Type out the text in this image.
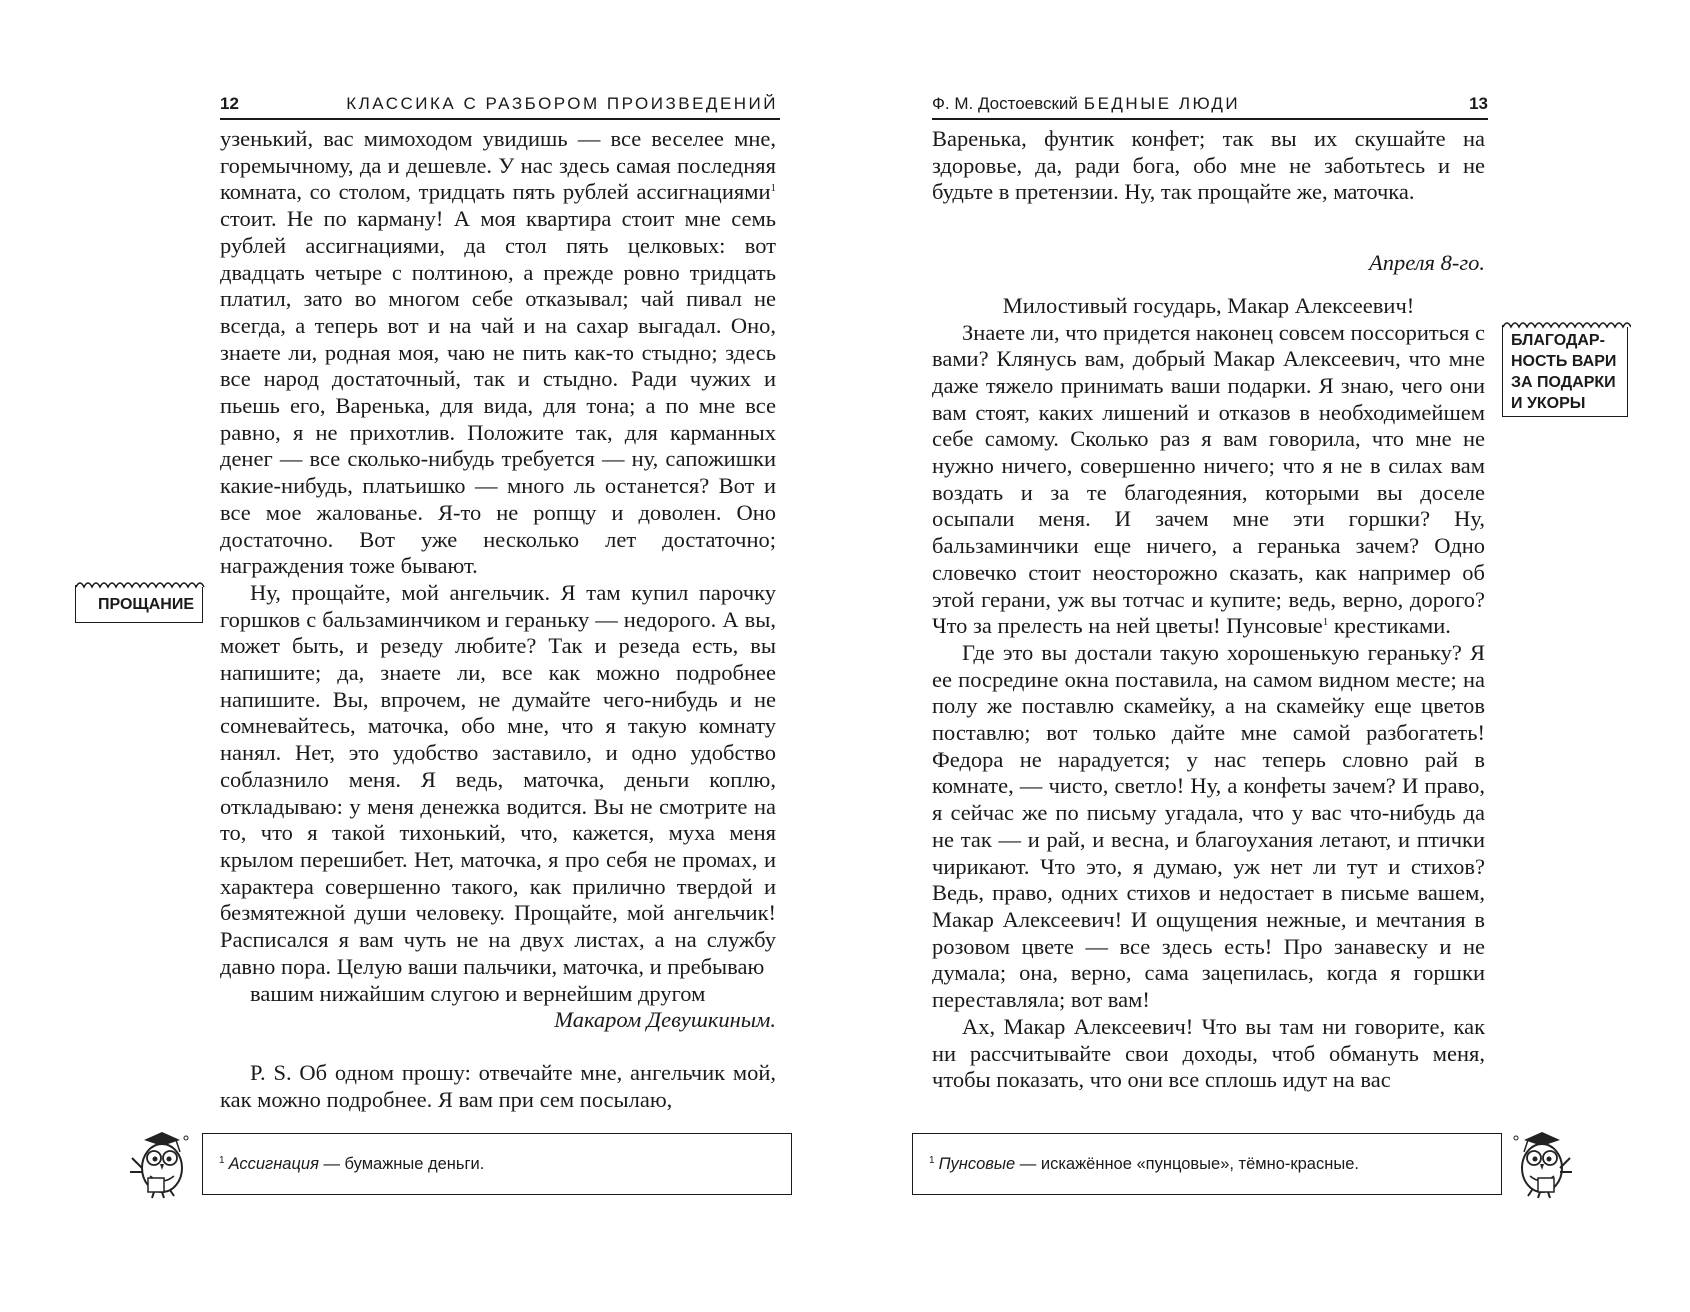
12	КЛАССИКА С РАЗБОРОМ ПРОИЗВЕДЕНИЙ	Ф. М. Достоевский БЕДНЫЕ ЛЮДИ	13

узенький, вас мимоходом увидишь — все веселее мне, горемычному, да и дешевле. У нас здесь самая последняя комната, со столом, тридцать пять рублей ассигнациями$^1$ стоит. Не по карману! А моя квартира стоит мне семь рублей ассигнациями, да стол пять целковых: вот двадцать четыре с полтиною, а прежде ровно тридцать платил, зато во многом себе отказывал; чай пивал не всегда, а теперь вот и на чай и на сахар выгадал. Оно, знаете ли, родная моя, чаю не пить как-то стыдно; здесь все народ достаточный, так и стыдно. Ради чужих и пьешь его, Варенька, для вида, для тона; а по мне все равно, я не прихотлив. Положите так, для карманных денег — все сколько-нибудь требуется — ну, сапожишки какие-нибудь, платьишко — много ль останется? Вот и все мое жалованье. Я-то не ропщу и доволен. Оно достаточно. Вот уже несколько лет достаточно; награждения тоже бывают.

Ну, прощайте, мой ангельчик. Я там купил парочку горшков с бальзаминчиком и гераньку — недорого. А вы, может быть, и резеду любите? Так и резеда есть, вы напишите; да, знаете ли, все как можно подробнее напишите. Вы, впрочем, не думайте чего-нибудь и не сомневайтесь, маточка, обо мне, что я такую комнату нанял. Нет, это удобство заставило, и одно удобство соблазнило меня. Я ведь, маточка, деньги коплю, откладываю: у меня денежка водится. Вы не смотрите на то, что я такой тихонький, что, кажется, муха меня крылом перешибет. Нет, маточка, я про себя не промах, и характера совершенно такого, как прилично твердой и безмятежной души человеку. Прощайте, мой ангельчик! Расписался я вам чуть не на двух листах, а на службу давно пора. Целую ваши пальчики, маточка, и пребываю

вашим нижайшим слугою и вернейшим другом

Макаром Девушкиным.

P. S. Об одном прошу: отвечайте мне, ангельчик мой, как можно подробнее. Я вам при сем посылаю,

ПРОЩАНИЕ
$^1$ Ассигнация — бумажные деньги.

Варенька, фунтик конфет; так вы их скушайте на здоровье, да, ради бога, обо мне не заботьтесь и не будьте в претензии. Ну, так прощайте же, маточка.

Апреля 8-го.

Милостивый государь, Макар Алексеевич!

Знаете ли, что придется наконец совсем поссориться с вами? Клянусь вам, добрый Макар Алексеевич, что мне даже тяжело принимать ваши подарки. Я знаю, чего они вам стоят, каких лишений и отказов в необходимейшем себе самому. Сколько раз я вам говорила, что мне не нужно ничего, совершенно ничего; что я не в силах вам воздать и за те благодеяния, которыми вы доселе осыпали меня. И зачем мне эти горшки? Ну, бальзаминчики еще ничего, а геранька зачем? Одно словечко стоит неосторожно сказать, как например об этой герани, уж вы тотчас и купите; ведь, верно, дорого? Что за прелесть на ней цветы! Пунсовые$^1$ крестиками.

Где это вы достали такую хорошенькую гераньку? Я ее посредине окна поставила, на самом видном месте; на полу же поставлю скамейку, а на скамейку еще цветов поставлю; вот только дайте мне самой разбогатеть! Федора не нарадуется; у нас теперь словно рай в комнате, — чисто, светло! Ну, а конфеты зачем? И право, я сейчас же по письму угадала, что у вас что-нибудь да не так — и рай, и весна, и благоухания летают, и птички чирикают. Что это, я думаю, уж нет ли тут и стихов? Ведь, право, одних стихов и недостает в письме вашем, Макар Алексеевич! И ощущения нежные, и мечтания в розовом цвете — все здесь есть! Про занавеску и не думала; она, верно, сама зацепилась, когда я горшки переставляла; вот вам!

Ах, Макар Алексеевич! Что вы там ни говорите, как ни рассчитывайте свои доходы, чтоб обмануть меня, чтобы показать, что они все сплошь идут на вас

БЛАГОДАР-
НОСТЬ ВАРИ
ЗА ПОДАРКИ
И УКОРЫ
$^1$ Пунсовые — искажённое «пунцовые», тёмно-красные.
